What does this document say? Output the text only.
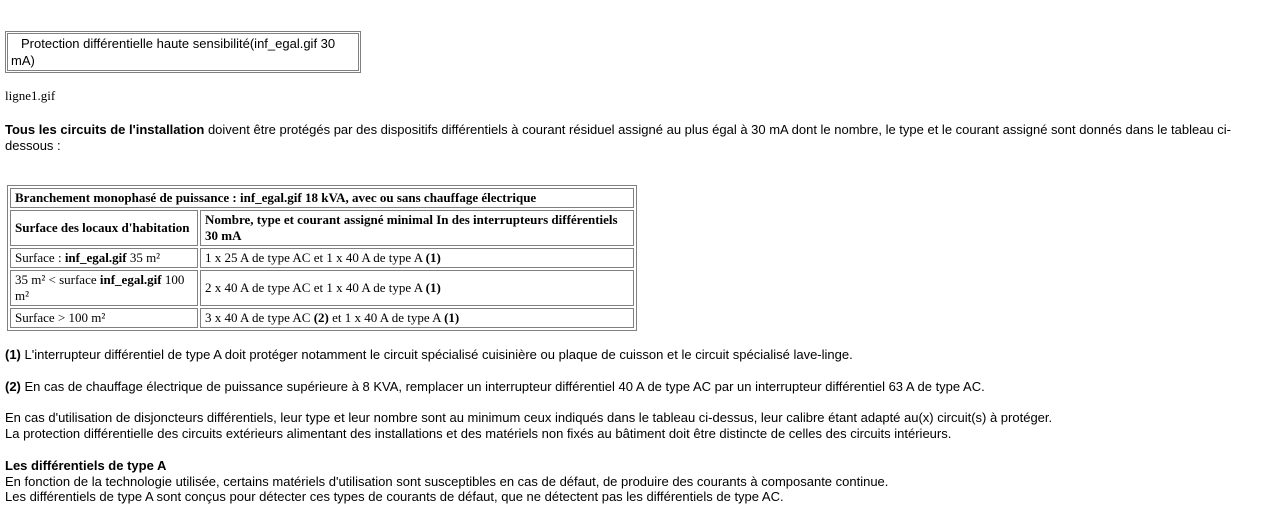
Protection différentielle haute sensibilité(inf_egal.gif 30 mA)
ligne1.gif

Tous les circuits de l'installation doivent être protégés par des dispositifs différentiels à courant résiduel assigné au plus égal à 30 mA dont le nombre, le type et le courant assigné sont donnés dans le tableau ci-dessous :

Branchement monophasé de puissance : inf_egal.gif 18 kVA, avec ou sans chauffage électrique	
Surface des locaux d'habitation	Nombre, type et courant assigné minimal In des interrupteurs différentiels 30 mA
Surface : inf_egal.gif 35 m²	1 x 25 A de type AC et 1 x 40 A de type A (1)
35 m² < surface inf_egal.gif 100 m²	2 x 40 A de type AC et 1 x 40 A de type A (1)
Surface > 100 m²	3 x 40 A de type AC (2) et 1 x 40 A de type A (1)

(1) L'interrupteur différentiel de type A doit protéger notamment le circuit spécialisé cuisinière ou plaque de cuisson et le circuit spécialisé lave-linge.

(2) En cas de chauffage électrique de puissance supérieure à 8 KVA, remplacer un interrupteur différentiel 40 A de type AC par un interrupteur différentiel 63 A de type AC.

En cas d'utilisation de disjoncteurs différentiels, leur type et leur nombre sont au minimum ceux indiqués dans le tableau ci-dessus, leur calibre étant adapté au(x) circuit(s) à protéger.
La protection différentielle des circuits extérieurs alimentant des installations et des matériels non fixés au bâtiment doit être distincte de celles des circuits intérieurs.

Les différentiels de type A
En fonction de la technologie utilisée, certains matériels d'utilisation sont susceptibles en cas de défaut, de produire des courants à composante continue.
Les différentiels de type A sont conçus pour détecter ces types de courants de défaut, que ne détectent pas les différentiels de type AC.
